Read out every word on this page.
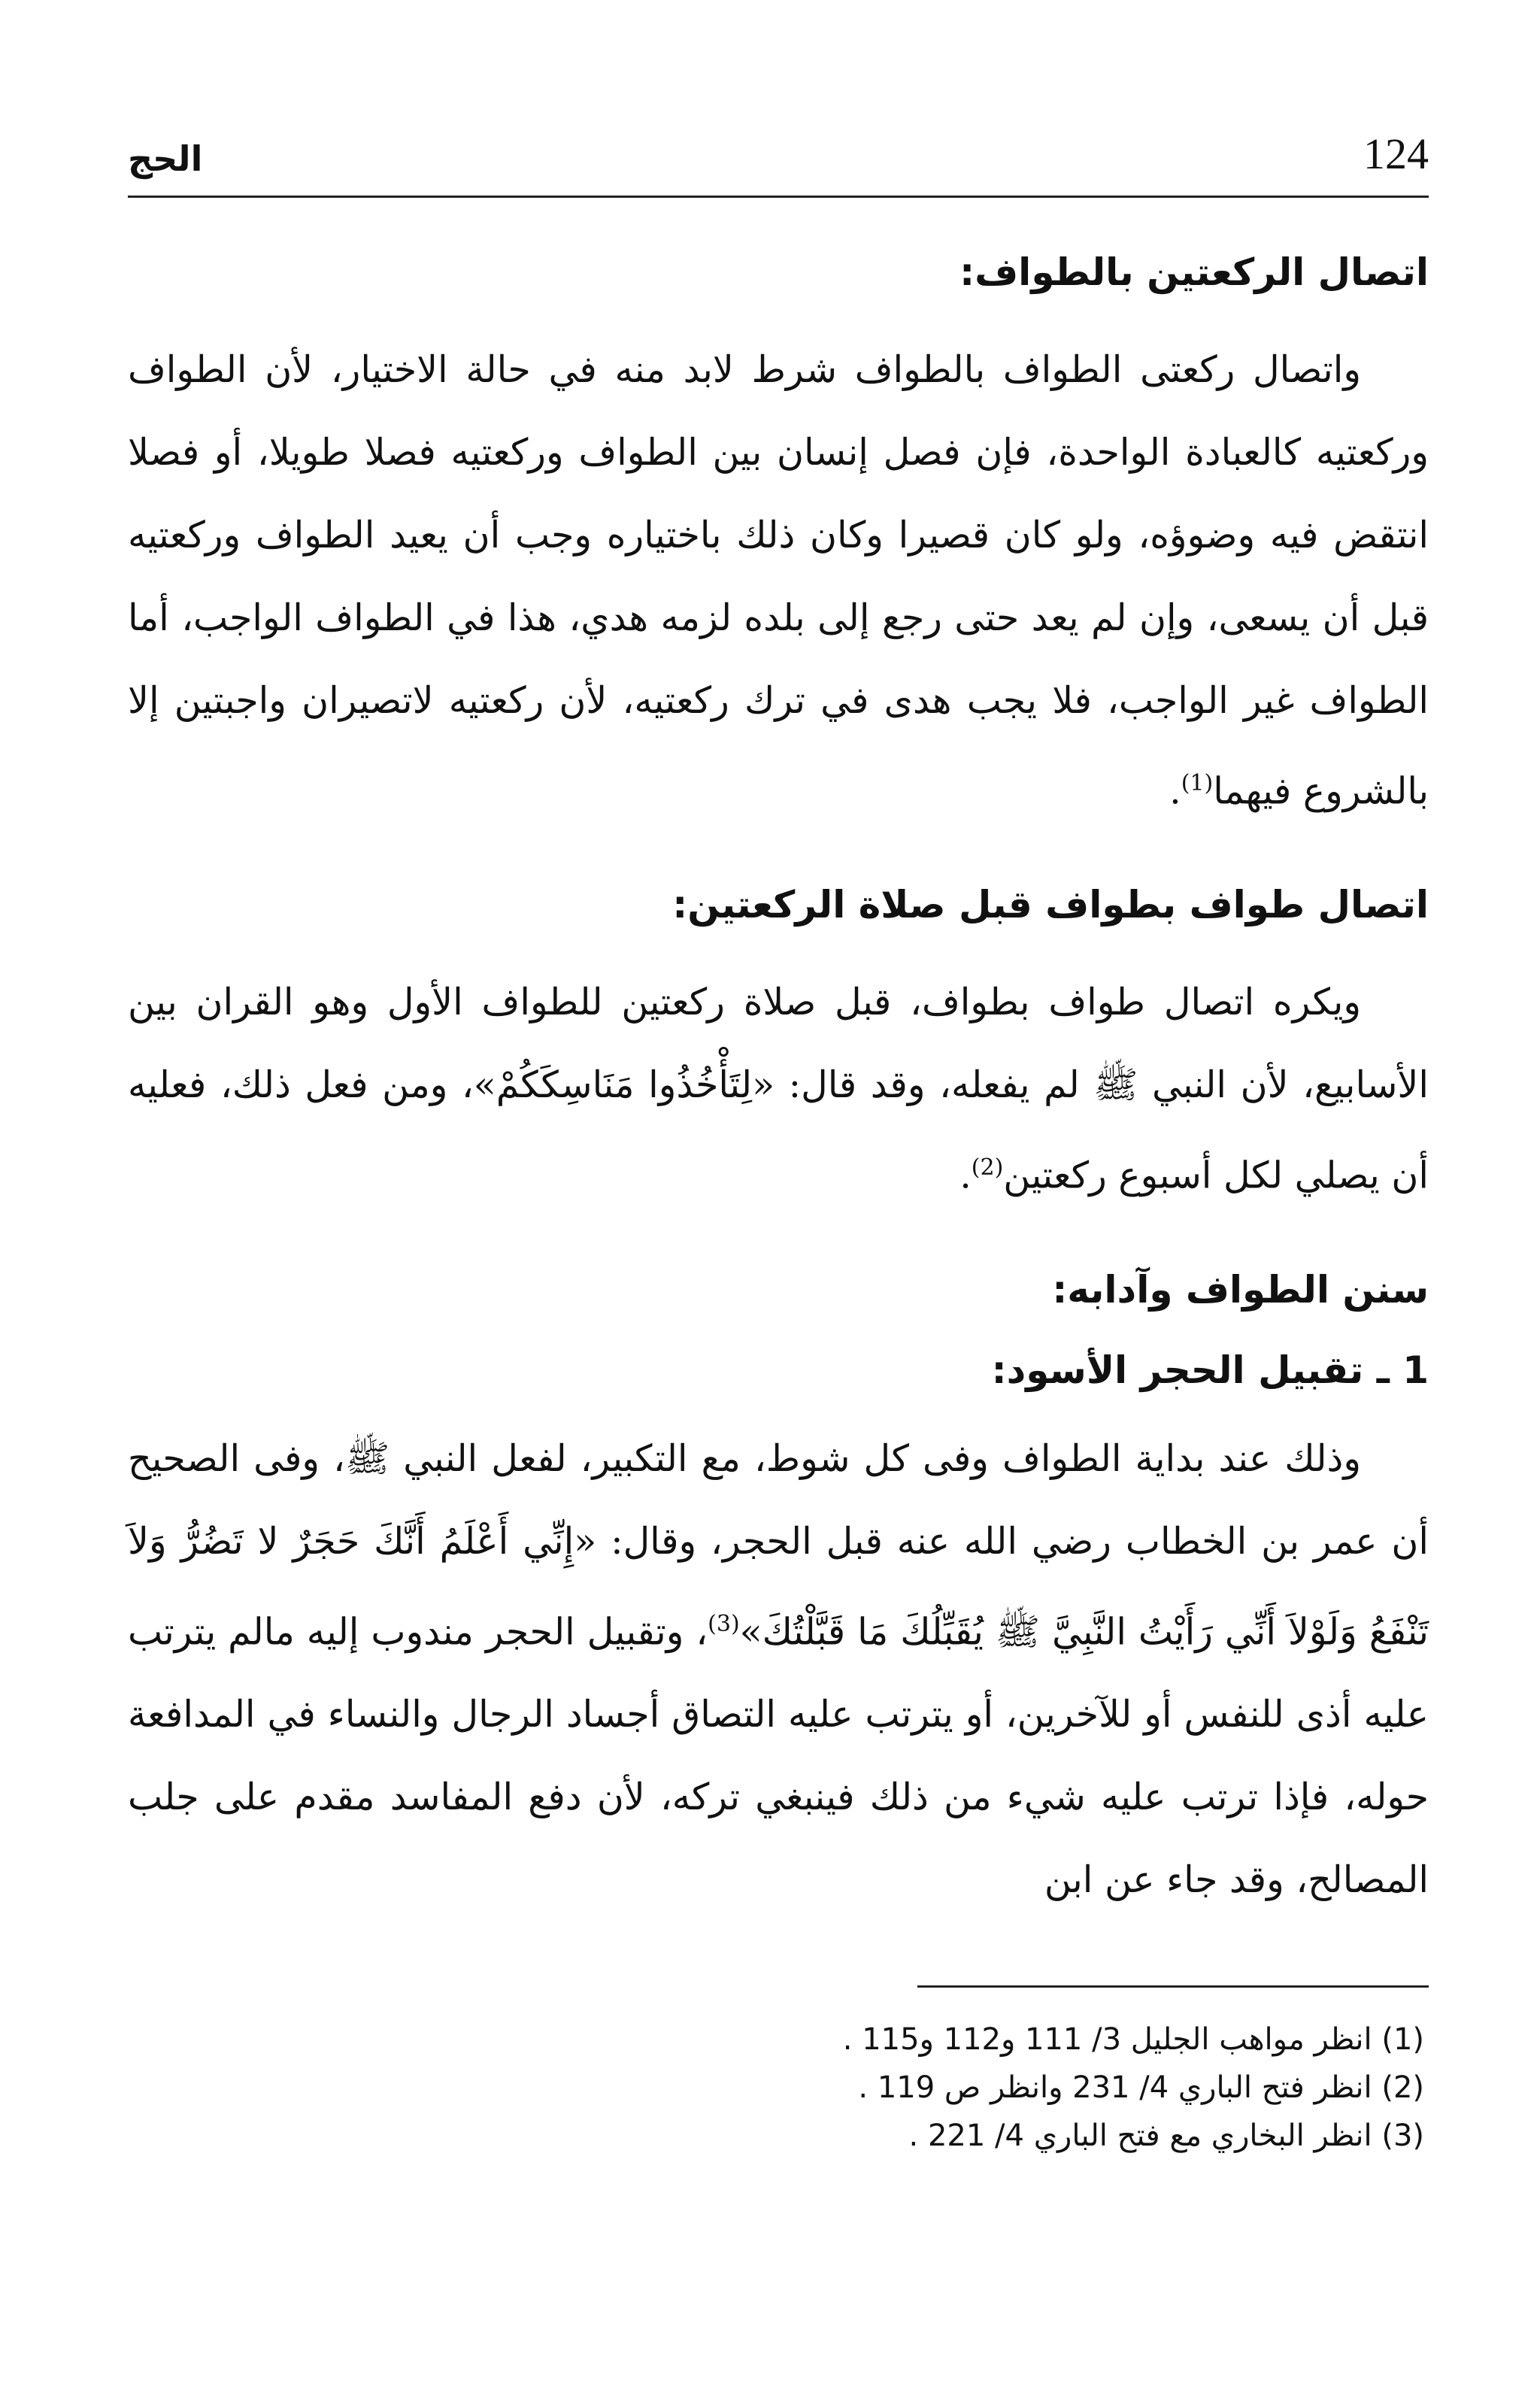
124
الحج
اتصال الركعتين بالطواف:

واتصال ركعتى الطواف بالطواف شرط لابد منه في حالة الاختيار، لأن الطواف وركعتيه كالعبادة الواحدة، فإن فصل إنسان بين الطواف وركعتيه فصلا طويلا، أو فصلا انتقض فيه وضوؤه، ولو كان قصيرا وكان ذلك باختياره وجب أن يعيد الطواف وركعتيه قبل أن يسعى، وإن لم يعد حتى رجع إلى بلده لزمه هدي، هذا في الطواف الواجب، أما الطواف غير الواجب، فلا يجب هدى في ترك ركعتيه، لأن ركعتيه لاتصيران واجبتين إلا بالشروع فيهما$^{(1)}$.

اتصال طواف بطواف قبل صلاة الركعتين:

ويكره اتصال طواف بطواف، قبل صلاة ركعتين للطواف الأول وهو القران بين الأسابيع، لأن النبي ﷺ لم يفعله، وقد قال: «لِتَأْخُذُوا مَنَاسِكَكُمْ»، ومن فعل ذلك، فعليه أن يصلي لكل أسبوع ركعتين$^{(2)}$.

سنن الطواف وآدابه:
1 ـ تقبيل الحجر الأسود:

وذلك عند بداية الطواف وفى كل شوط، مع التكبير، لفعل النبي ﷺ، وفى الصحيح أن عمر بن الخطاب رضي الله عنه قبل الحجر، وقال: «إِنِّي أَعْلَمُ أَنَّكَ حَجَرٌ لا تَضُرُّ وَلاَ تَنْفَعُ وَلَوْلاَ أَنِّي رَأَيْتُ النَّبِيَّ ﷺ يُقَبِّلُكَ مَا قَبَّلْتُكَ»$^{(3)}$، وتقبيل الحجر مندوب إليه مالم يترتب عليه أذى للنفس أو للآخرين، أو يترتب عليه التصاق أجساد الرجال والنساء في المدافعة حوله، فإذا ترتب عليه شيء من ذلك فينبغي تركه، لأن دفع المفاسد مقدم على جلب المصالح، وقد جاء عن ابن

(1) انظر مواهب الجليل 3/ 111 و112 و115 .

(2) انظر فتح الباري 4/ 231 وانظر ص 119 .

(3) انظر البخاري مع فتح الباري 4/ 221 .
